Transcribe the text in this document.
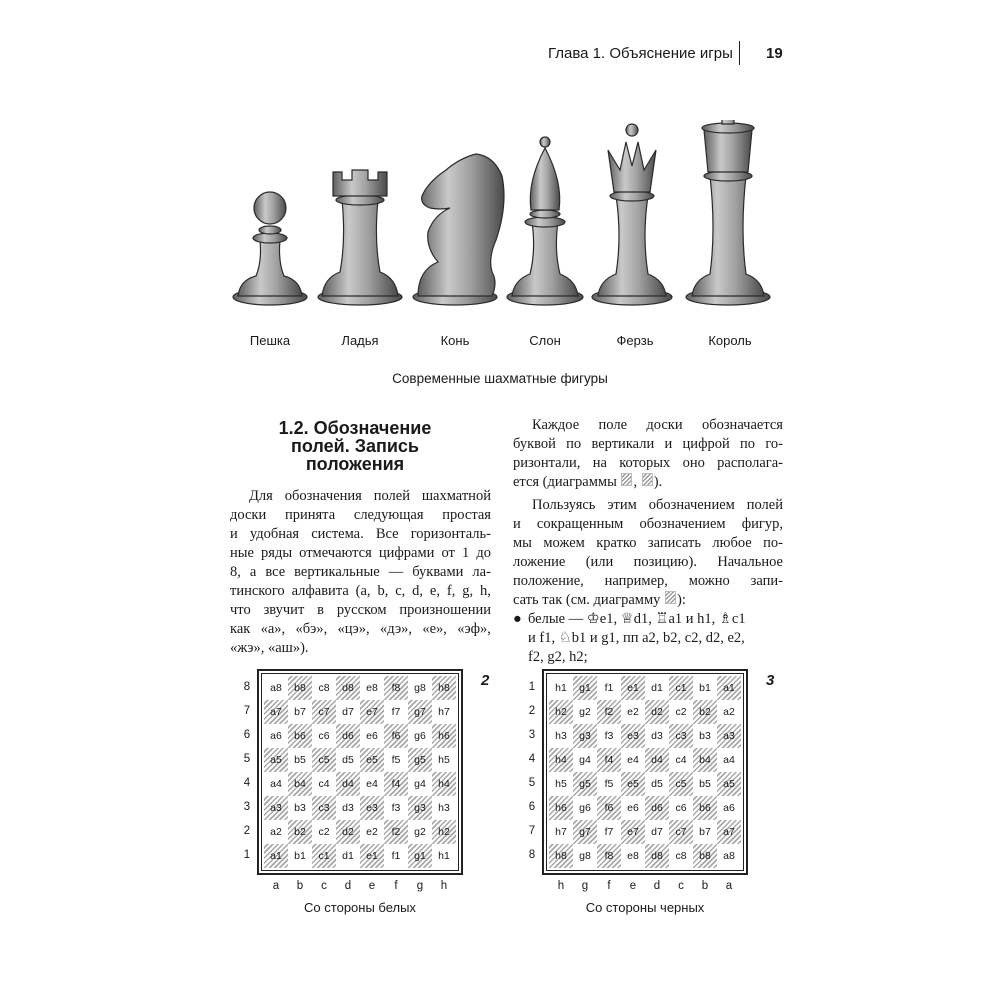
Глава 1. Объяснение игры 19
Пешка	Ладья	Конь	Слон	Ферзь	Король
Современные шахматные фигуры
1.2. Обозначение
полей. Запись
положения
Для обозначения полей шахматной
доски принята следующая простая
и удобная система. Все горизонталь-
ные ряды отмечаются цифрами от 1 до
8, а все вертикальные — буквами ла-
тинского алфавита (a, b, c, d, e, f, g, h,
что звучит в русском произношении
как «а», «бэ», «цэ», «дэ», «е», «эф»,
«жэ», «аш»).
Каждое поле доски обозначается
буквой по вертикали и цифрой по го-
ризонтали, на которых оно располага-
ется (диаграммы
,
).
Пользуясь этим обозначением полей
и сокращенным обозначением фигур,
мы можем кратко записать любое по-
ложение (или позицию). Начальное
положение, например, можно запи-
сать так (см. диаграмму
):
● белые — ♔e1, ♕d1, ♖a1 и h1, ♗c1
и f1, ♘b1 и g1, пп a2, b2, c2, d2, e2,
f2, g2, h2;
a8	b8	c8	d8	e8	f8	g8	h8
8
a7	b7	c7	d7	e7	f7	g7	h7
7
a6	b6	c6	d6	e6	f6	g6	h6
6
a5	b5	c5	d5	e5	f5	g5	h5
5
a4	b4	c4	d4	e4	f4	g4	h4
4
a3	b3	c3	d3	e3	f3	g3	h3
3
a2	b2	c2	d2	e2	f2	g2	h2
2
a1	b1	c1	d1	e1	f1	g1	h1
1
a	b	c	d	e	f	g	h
2
Со стороны белых
h1	g1	f1	e1	d1	c1	b1	a1
1
h2	g2	f2	e2	d2	c2	b2	a2
2
h3	g3	f3	e3	d3	c3	b3	a3
3
h4	g4	f4	e4	d4	c4	b4	a4
4
h5	g5	f5	e5	d5	c5	b5	a5
5
h6	g6	f6	e6	d6	c6	b6	a6
6
h7	g7	f7	e7	d7	c7	b7	a7
7
h8	g8	f8	e8	d8	c8	b8	a8
8
h	g	f	e	d	c	b	a
3
Со стороны черных
